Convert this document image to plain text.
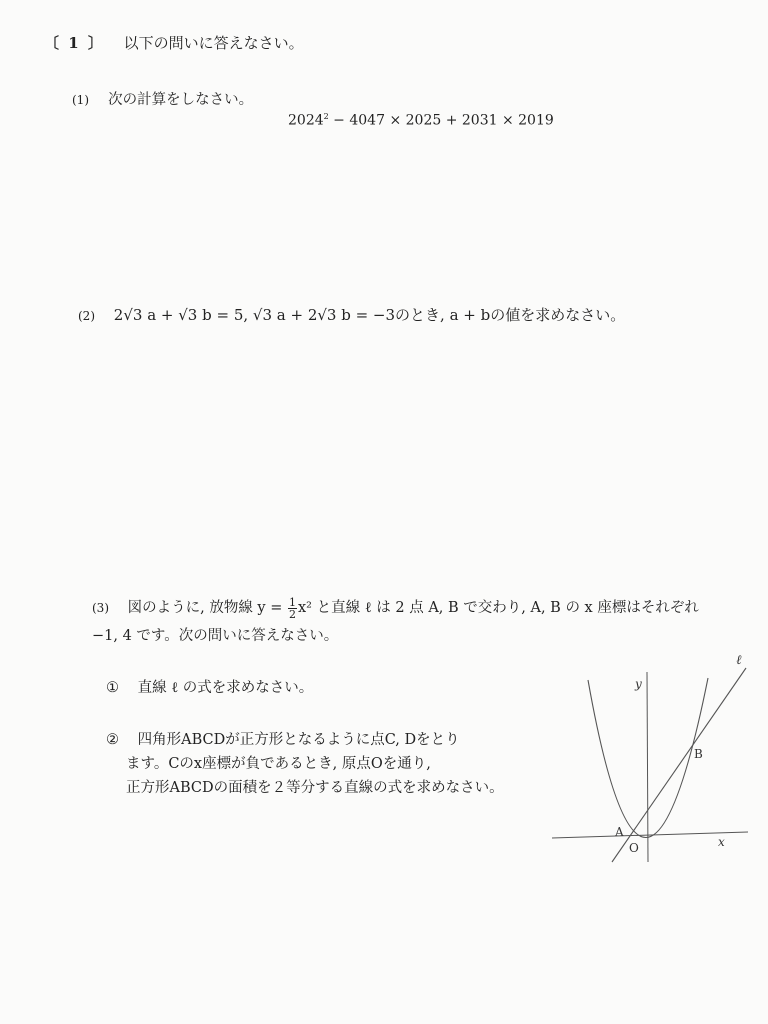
〔 1 〕 以下の問いに答えなさい。
(1) 次の計算をしなさい。
$2024^2 - 4047 \times 2025 + 2031 \times 2019$
(2) 2√3 a + √3 b = 5, √3 a + 2√3 b = −3のとき, a + bの値を求めなさい。
(3) 図のように, 放物線 $y = \frac{1}{2} x^2$ と直線 ℓ は 2 点 A, B で交わり, A, B の x 座標はそれぞれ
−1, 4 です。次の問いに答えなさい。
① 直線 ℓ の式を求めなさい。
② 四角形ABCDが正方形となるように点C, Dをとり
ます。Cのx座標が負であるとき, 原点Oを通り,
正方形ABCDの面積を２等分する直線の式を求めなさい。
y
x
ℓ
A
B
O
